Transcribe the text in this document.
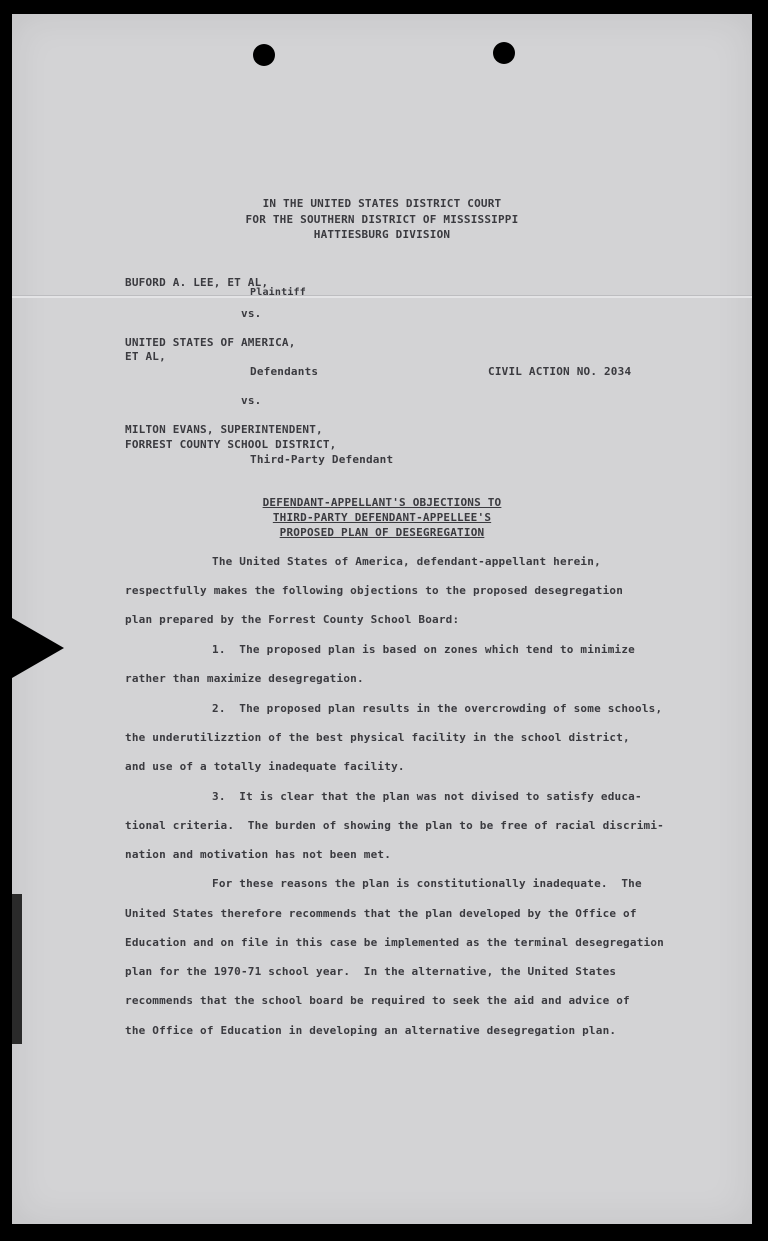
IN THE UNITED STATES DISTRICT COURT
FOR THE SOUTHERN DISTRICT OF MISSISSIPPI
HATTIESBURG DIVISION
BUFORD A. LEE, ET AL,
Plaintiff
vs.
UNITED STATES OF AMERICA,
ET AL,
Defendants	CIVIL ACTION NO. 2034
vs.
MILTON EVANS, SUPERINTENDENT,
FORREST COUNTY SCHOOL DISTRICT,
Third-Party Defendant
DEFENDANT-APPELLANT'S OBJECTIONS TO
THIRD-PARTY DEFENDANT-APPELLEE'S
PROPOSED PLAN OF DESEGREGATION
The United States of America, defendant-appellant herein,
respectfully makes the following objections to the proposed desegregation
plan prepared by the Forrest County School Board:
1.  The proposed plan is based on zones which tend to minimize
rather than maximize desegregation.
2.  The proposed plan results in the overcrowding of some schools,
the underutilizztion of the best physical facility in the school district,
and use of a totally inadequate facility.
3.  It is clear that the plan was not divised to satisfy educa-
tional criteria.  The burden of showing the plan to be free of racial discrimi-
nation and motivation has not been met.
For these reasons the plan is constitutionally inadequate.  The
United States therefore recommends that the plan developed by the Office of
Education and on file in this case be implemented as the terminal desegregation
plan for the 1970-71 school year.  In the alternative, the United States
recommends that the school board be required to seek the aid and advice of
the Office of Education in developing an alternative desegregation plan.
